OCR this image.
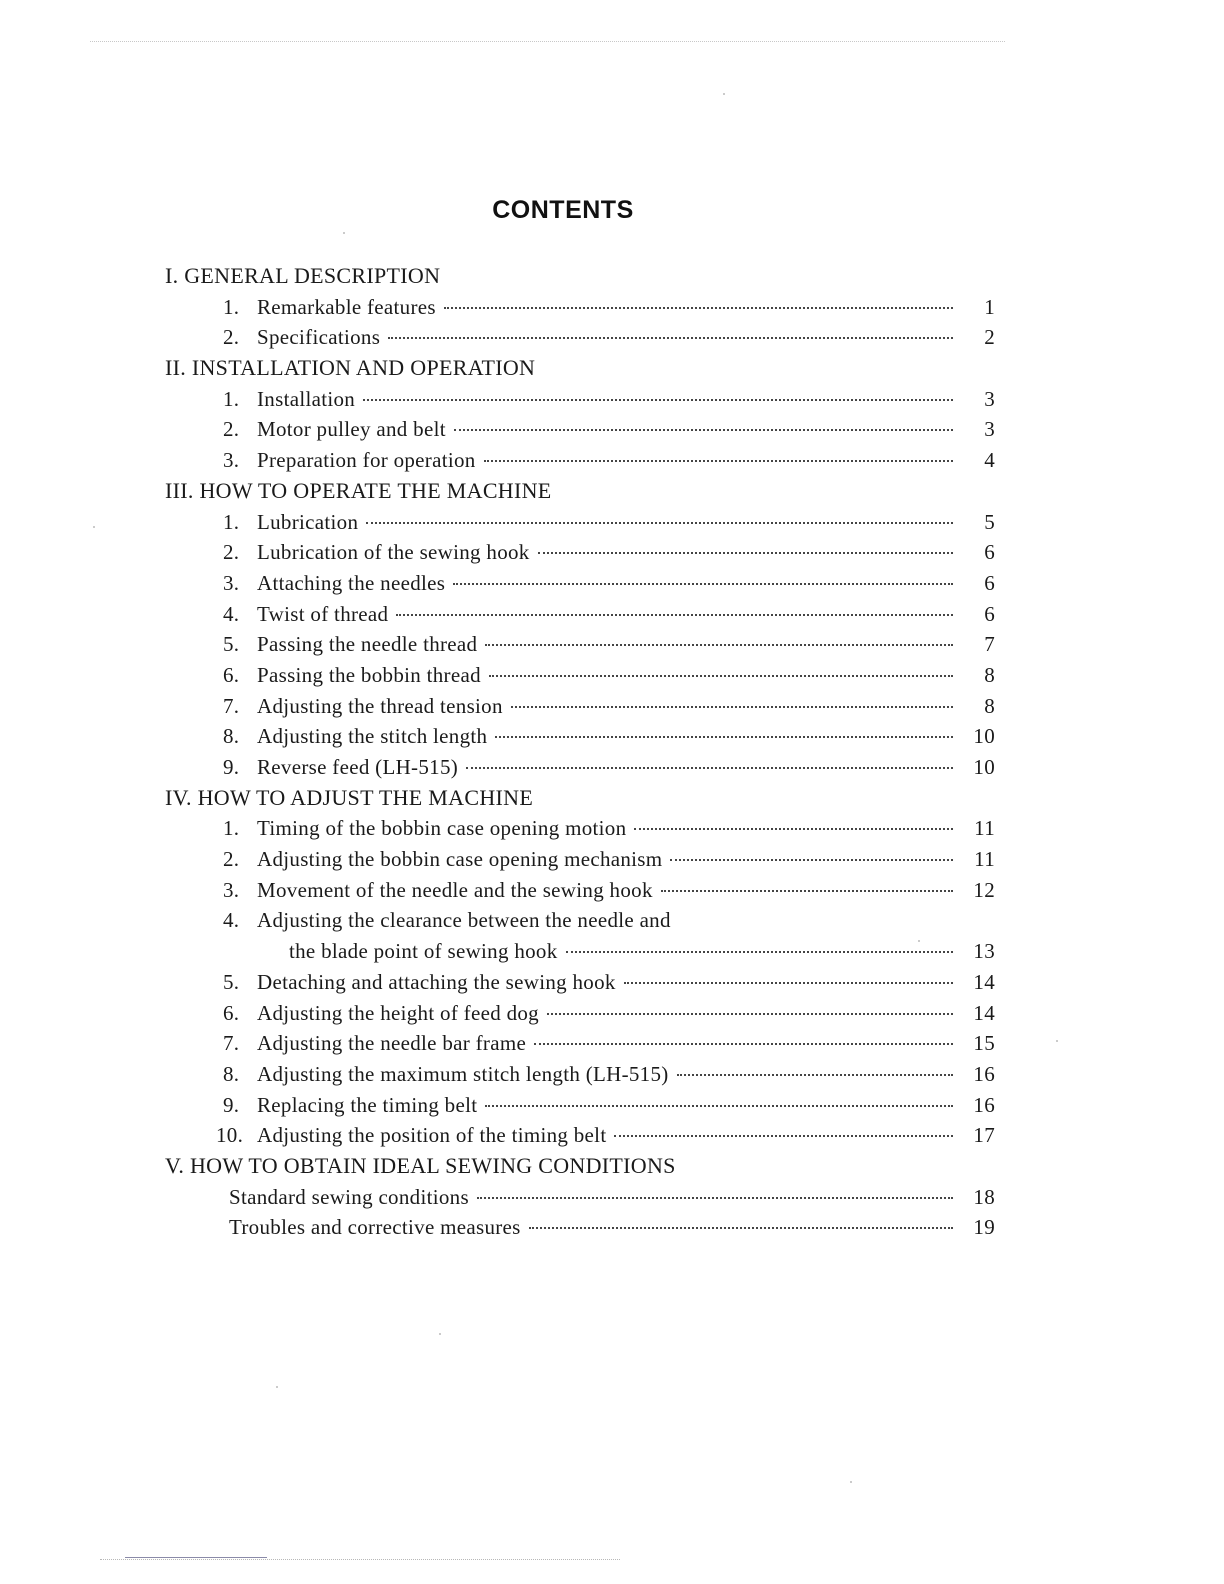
CONTENTS
I. GENERAL DESCRIPTION
1. Remarkable features	1
2. Specifications	2
II. INSTALLATION AND OPERATION
1. Installation	3
2. Motor pulley and belt	3
3. Preparation for operation	4
III. HOW TO OPERATE THE MACHINE
1. Lubrication	5
2. Lubrication of the sewing hook	6
3. Attaching the needles	6
4. Twist of thread	6
5. Passing the needle thread	7
6. Passing the bobbin thread	8
7. Adjusting the thread tension	8
8. Adjusting the stitch length	10
9. Reverse feed (LH-515)	10
IV. HOW TO ADJUST THE MACHINE
1. Timing of the bobbin case opening motion	11
2. Adjusting the bobbin case opening mechanism	11
3. Movement of the needle and the sewing hook	12
4. Adjusting the clearance between the needle and
the blade point of sewing hook	13
5. Detaching and attaching the sewing hook	14
6. Adjusting the height of feed dog	14
7. Adjusting the needle bar frame	15
8. Adjusting the maximum stitch length (LH-515)	16
9. Replacing the timing belt	16
10. Adjusting the position of the timing belt	17
V. HOW TO OBTAIN IDEAL SEWING CONDITIONS
Standard sewing conditions	18
Troubles and corrective measures	19
